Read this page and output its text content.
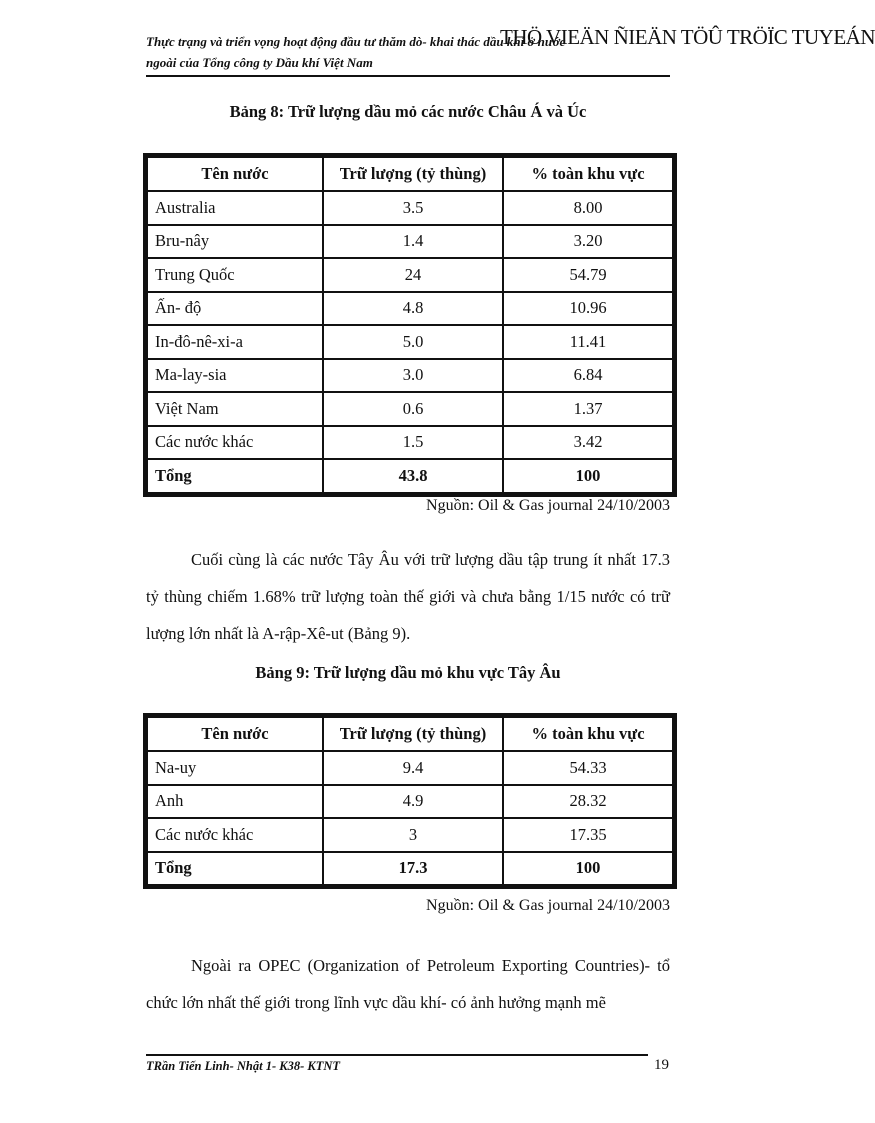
Thực trạng và triển vọng hoạt động đầu tư thăm dò- khai thác dầu khí ở nước
THÖ VIEÄN ÑIEÄN TÖÛ TRÖÏC TUYEÁN
ngoài của Tổng công ty Dầu khí Việt Nam
Bảng 8: Trữ lượng dầu mỏ các nước Châu Á và Úc
Tên nước	Trữ lượng (tỷ thùng)	% toàn khu vực
Australia	3.5	8.00
Bru-nây	1.4	3.20
Trung Quốc	24	54.79
Ấn- độ	4.8	10.96
In-đô-nê-xi-a	5.0	11.41
Ma-lay-sia	3.0	6.84
Việt Nam	0.6	1.37
Các nước khác	1.5	3.42
Tổng	43.8	100
Nguồn: Oil & Gas journal 24/10/2003
Cuối cùng là các nước Tây Âu với trữ lượng dầu tập trung ít nhất 17.3 tỷ thùng chiếm 1.68% trữ lượng toàn thế giới và chưa bằng 1/15 nước có trữ lượng lớn nhất là A-rập-Xê-ut (Bảng 9).
Bảng 9: Trữ lượng dầu mỏ khu vực Tây Âu
Tên nước	Trữ lượng (tỷ thùng)	% toàn khu vực
Na-uy	9.4	54.33
Anh	4.9	28.32
Các nước khác	3	17.35
Tổng	17.3	100
Nguồn: Oil & Gas journal 24/10/2003
Ngoài ra OPEC (Organization of Petroleum Exporting Countries)- tổ chức lớn nhất thế giới trong lĩnh vực dầu khí- có ảnh hưởng mạnh mẽ
TRần Tiến Linh- Nhật 1- K38- KTNT	19
